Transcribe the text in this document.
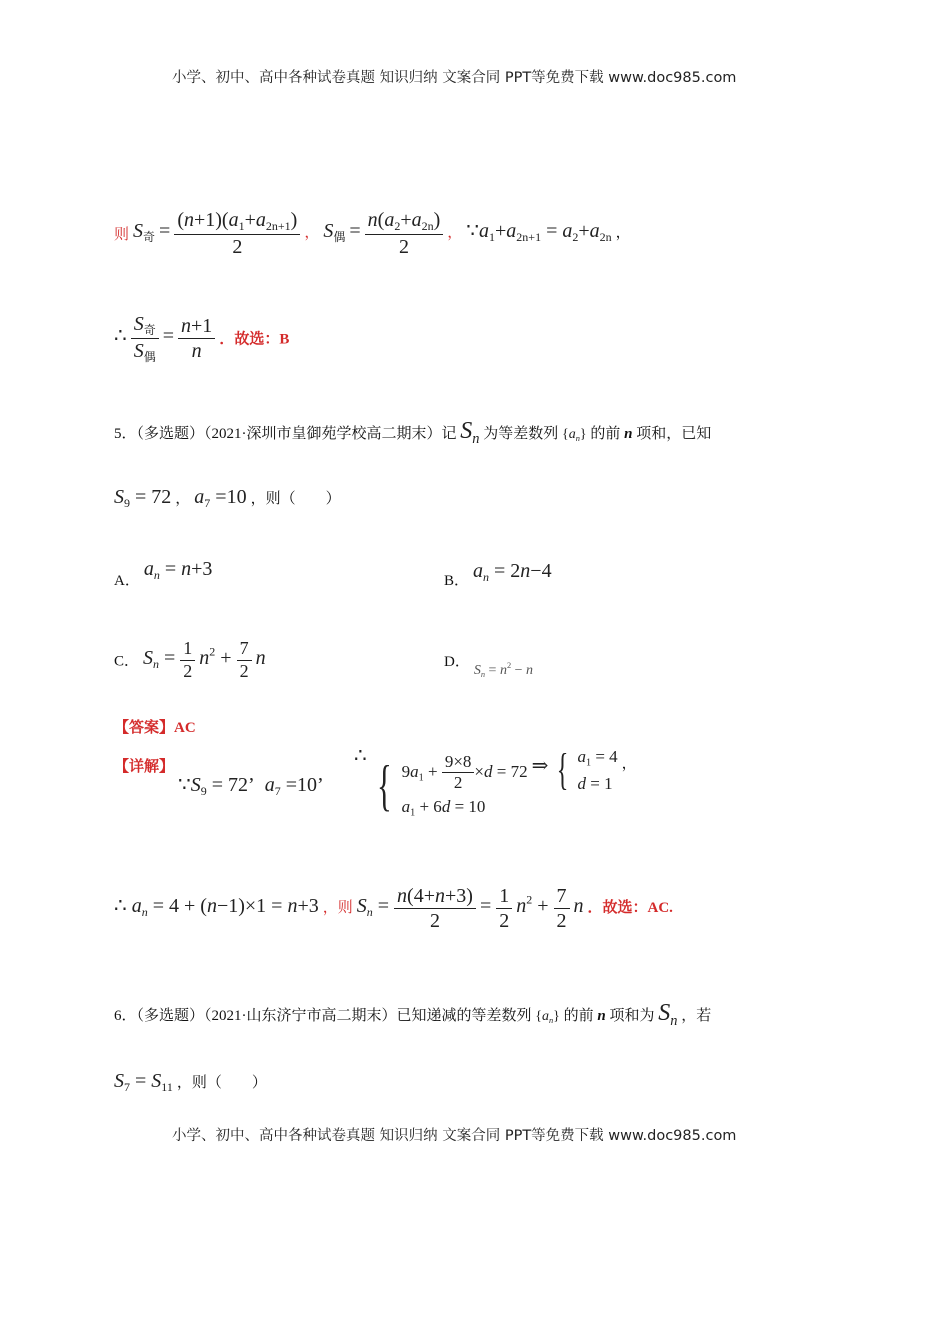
小学、初中、高中各种试卷真题 知识归纳 文案合同 PPT等免费下载 www.doc985.com
则 $S_奇 = \frac{(n+1)(a_1+a_{2n+1})}{2}$ ， $S_偶 = \frac{n(a_2+a_{2n})}{2}$ ， $\because a_1+a_{2n+1} = a_2+a_{2n}$ ，
∴ $\frac{S_奇}{S_偶} = \frac{n+1}{n}$ ．故选：B
5．（多选题）（2021·深圳市皇御苑学校高二期末）记 $S_n$ 为等差数列 $\{a_n\}$ 的前 n 项和，已知
$S_9 = 72$ ， $a_7 =10$ ，则（　　）
A． $a_n = n+3$
B． $a_n = 2n-4$
C． $S_n = \frac{1}{2} n^2 + \frac{7}{2}$ n	D． $S_n = n^2 - n$
【答案】AC
【详解】 $\because S_9 = 72$’ $a_7 =10$’
∴ { $9a_1 + \frac{9\times 8}{2} \times d = 72$
$a_1 + 6d = 10$
⇒ { $a_1 = 4$
d = 1
，
∴ $a_n = 4 + (n-1)\times 1 = n+3$ ，则 $S_n = \frac{n(4+n+3)}{2} = \frac{1}{2} n^2 + \frac{7}{2}$ n ．故选：AC.
6．（多选题）（2021·山东济宁市高二期末）已知递减的等差数列 $\{a_n\}$ 的前 n 项和为 $S_n$ ，若
$S_7 = S_{11}$ ，则（　　）
小学、初中、高中各种试卷真题 知识归纳 文案合同 PPT等免费下载 www.doc985.com
